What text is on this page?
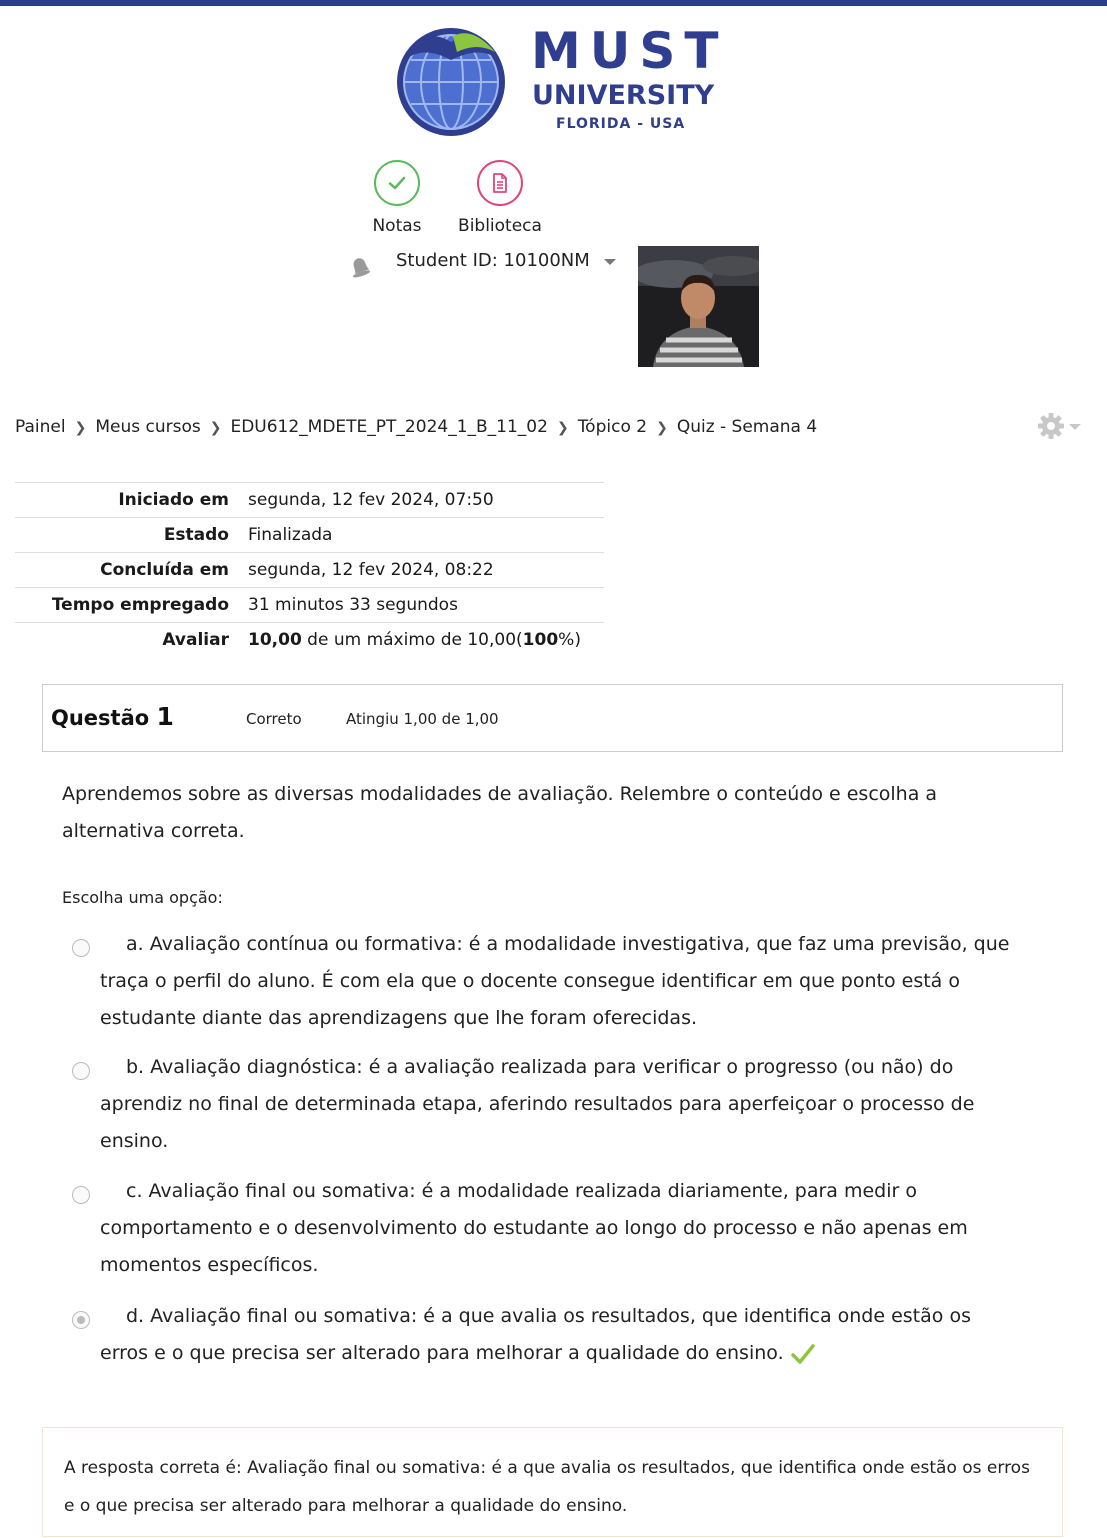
MUST
UNIVERSITY
FLORIDA - USA
Notas	Biblioteca
Student ID: 10100NM
Painel ❯ Meus cursos ❯ EDU612_MDETE_PT_2024_1_B_11_02 ❯ Tópico 2 ❯ Quiz - Semana 4
Iniciado em	segunda, 12 fev 2024, 07:50
Estado	Finalizada
Concluída em	segunda, 12 fev 2024, 08:22
Tempo empregado	31 minutos 33 segundos
Avaliar	10,00 de um máximo de 10,00(100%)
Questão 1	Correto	Atingiu 1,00 de 1,00
Aprendemos sobre as diversas modalidades de avaliação. Relembre o conteúdo e escolha a alternativa correta.
Escolha uma opção:
a. Avaliação contínua ou formativa: é a modalidade investigativa, que faz uma previsão, que traça o perfil do aluno. É com ela que o docente consegue identificar em que ponto está o estudante diante das aprendizagens que lhe foram oferecidas.
b. Avaliação diagnóstica: é a avaliação realizada para verificar o progresso (ou não) do aprendiz no final de determinada etapa, aferindo resultados para aperfeiçoar o processo de ensino.
c. Avaliação final ou somativa: é a modalidade realizada diariamente, para medir o comportamento e o desenvolvimento do estudante ao longo do processo e não apenas em momentos específicos.
d. Avaliação final ou somativa: é a que avalia os resultados, que identifica onde estão os erros e o que precisa ser alterado para melhorar a qualidade do ensino.
A resposta correta é: Avaliação final ou somativa: é a que avalia os resultados, que identifica onde estão os erros e o que precisa ser alterado para melhorar a qualidade do ensino.
